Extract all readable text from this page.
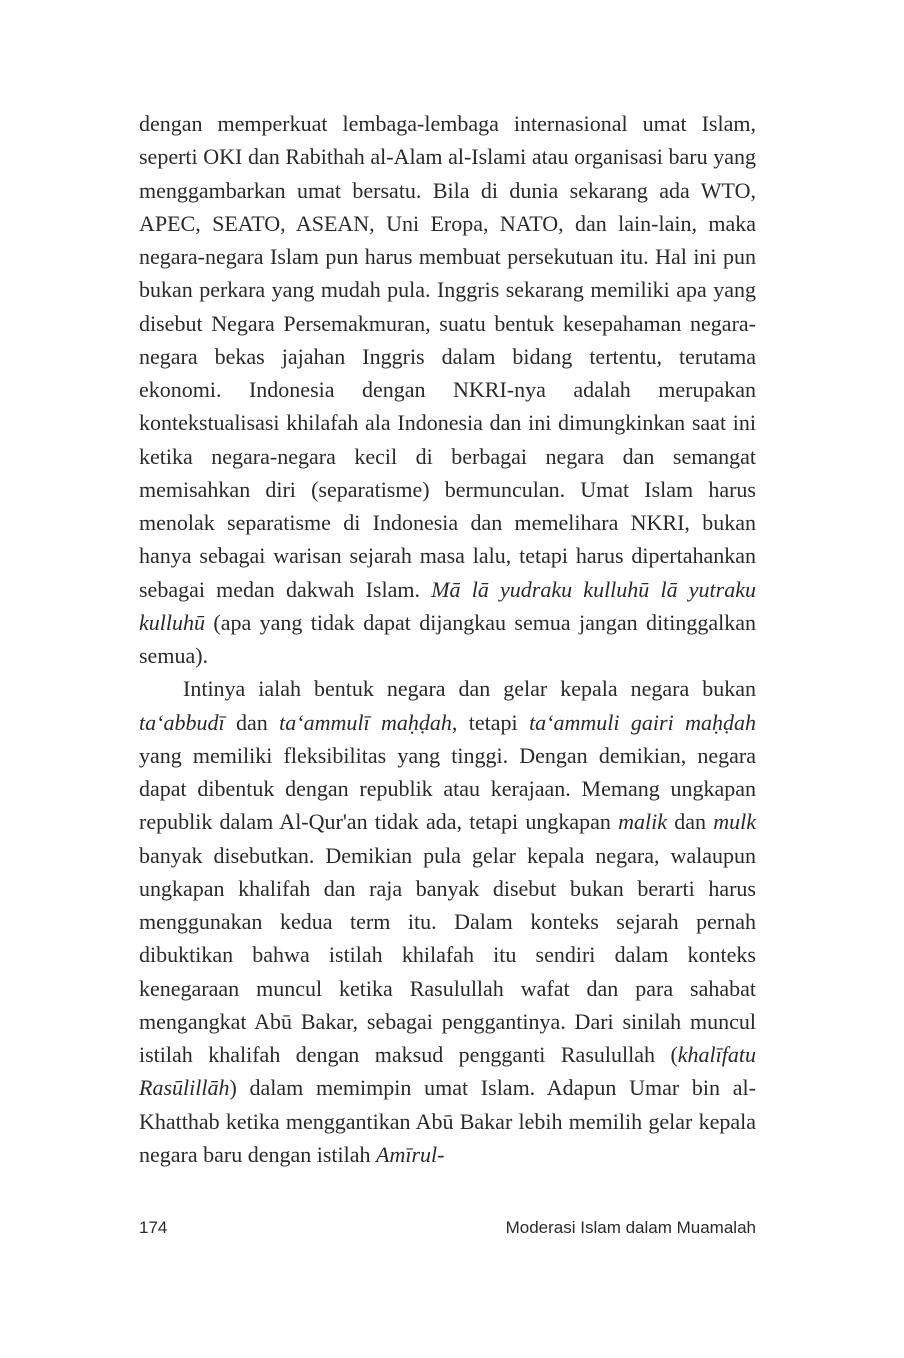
dengan memperkuat lembaga-lembaga internasional umat Islam, seperti OKI dan Rabithah al-Alam al-Islami atau organisasi baru yang menggambarkan umat bersatu. Bila di dunia sekarang ada WTO, APEC, SEATO, ASEAN, Uni Eropa, NATO, dan lain-lain, maka negara-negara Islam pun harus membuat persekutuan itu. Hal ini pun bukan perkara yang mudah pula. Inggris sekarang memiliki apa yang disebut Negara Persemakmuran, suatu bentuk kesepahaman negara-negara bekas jajahan Inggris dalam bidang tertentu, terutama ekonomi. Indonesia dengan NKRI-nya adalah merupakan kontekstualisasi khilafah ala Indonesia dan ini dimungkinkan saat ini ketika negara-negara kecil di berbagai negara dan semangat memisahkan diri (separatisme) bermunculan. Umat Islam harus menolak separatisme di Indonesia dan memelihara NKRI, bukan hanya sebagai warisan sejarah masa lalu, tetapi harus dipertahankan sebagai medan dakwah Islam. Mā lā yudraku kulluhū lā yutraku kulluhū (apa yang tidak dapat dijangkau semua jangan ditinggalkan semua).

Intinya ialah bentuk negara dan gelar kepala negara bukan ta‘abbudī dan ta‘ammulī maḥḍah, tetapi ta‘ammuli gairi maḥḍah yang memiliki fleksibilitas yang tinggi. Dengan demikian, negara dapat dibentuk dengan republik atau kerajaan. Memang ungkapan republik dalam Al-Qur'an tidak ada, tetapi ungkapan malik dan mulk banyak disebutkan. Demikian pula gelar kepala negara, walaupun ungkapan khalifah dan raja banyak disebut bukan berarti harus menggunakan kedua term itu. Dalam konteks sejarah pernah dibuktikan bahwa istilah khilafah itu sendiri dalam konteks kenegaraan muncul ketika Rasulullah wafat dan para sahabat mengangkat Abū Bakar, sebagai penggantinya. Dari sinilah muncul istilah khalifah dengan maksud pengganti Rasulullah (khalīfatu Rasūlillāh) dalam memimpin umat Islam. Adapun Umar bin al-Khatthab ketika menggantikan Abū Bakar lebih memilih gelar kepala negara baru dengan istilah Amīrul-

174	Moderasi Islam dalam Muamalah
